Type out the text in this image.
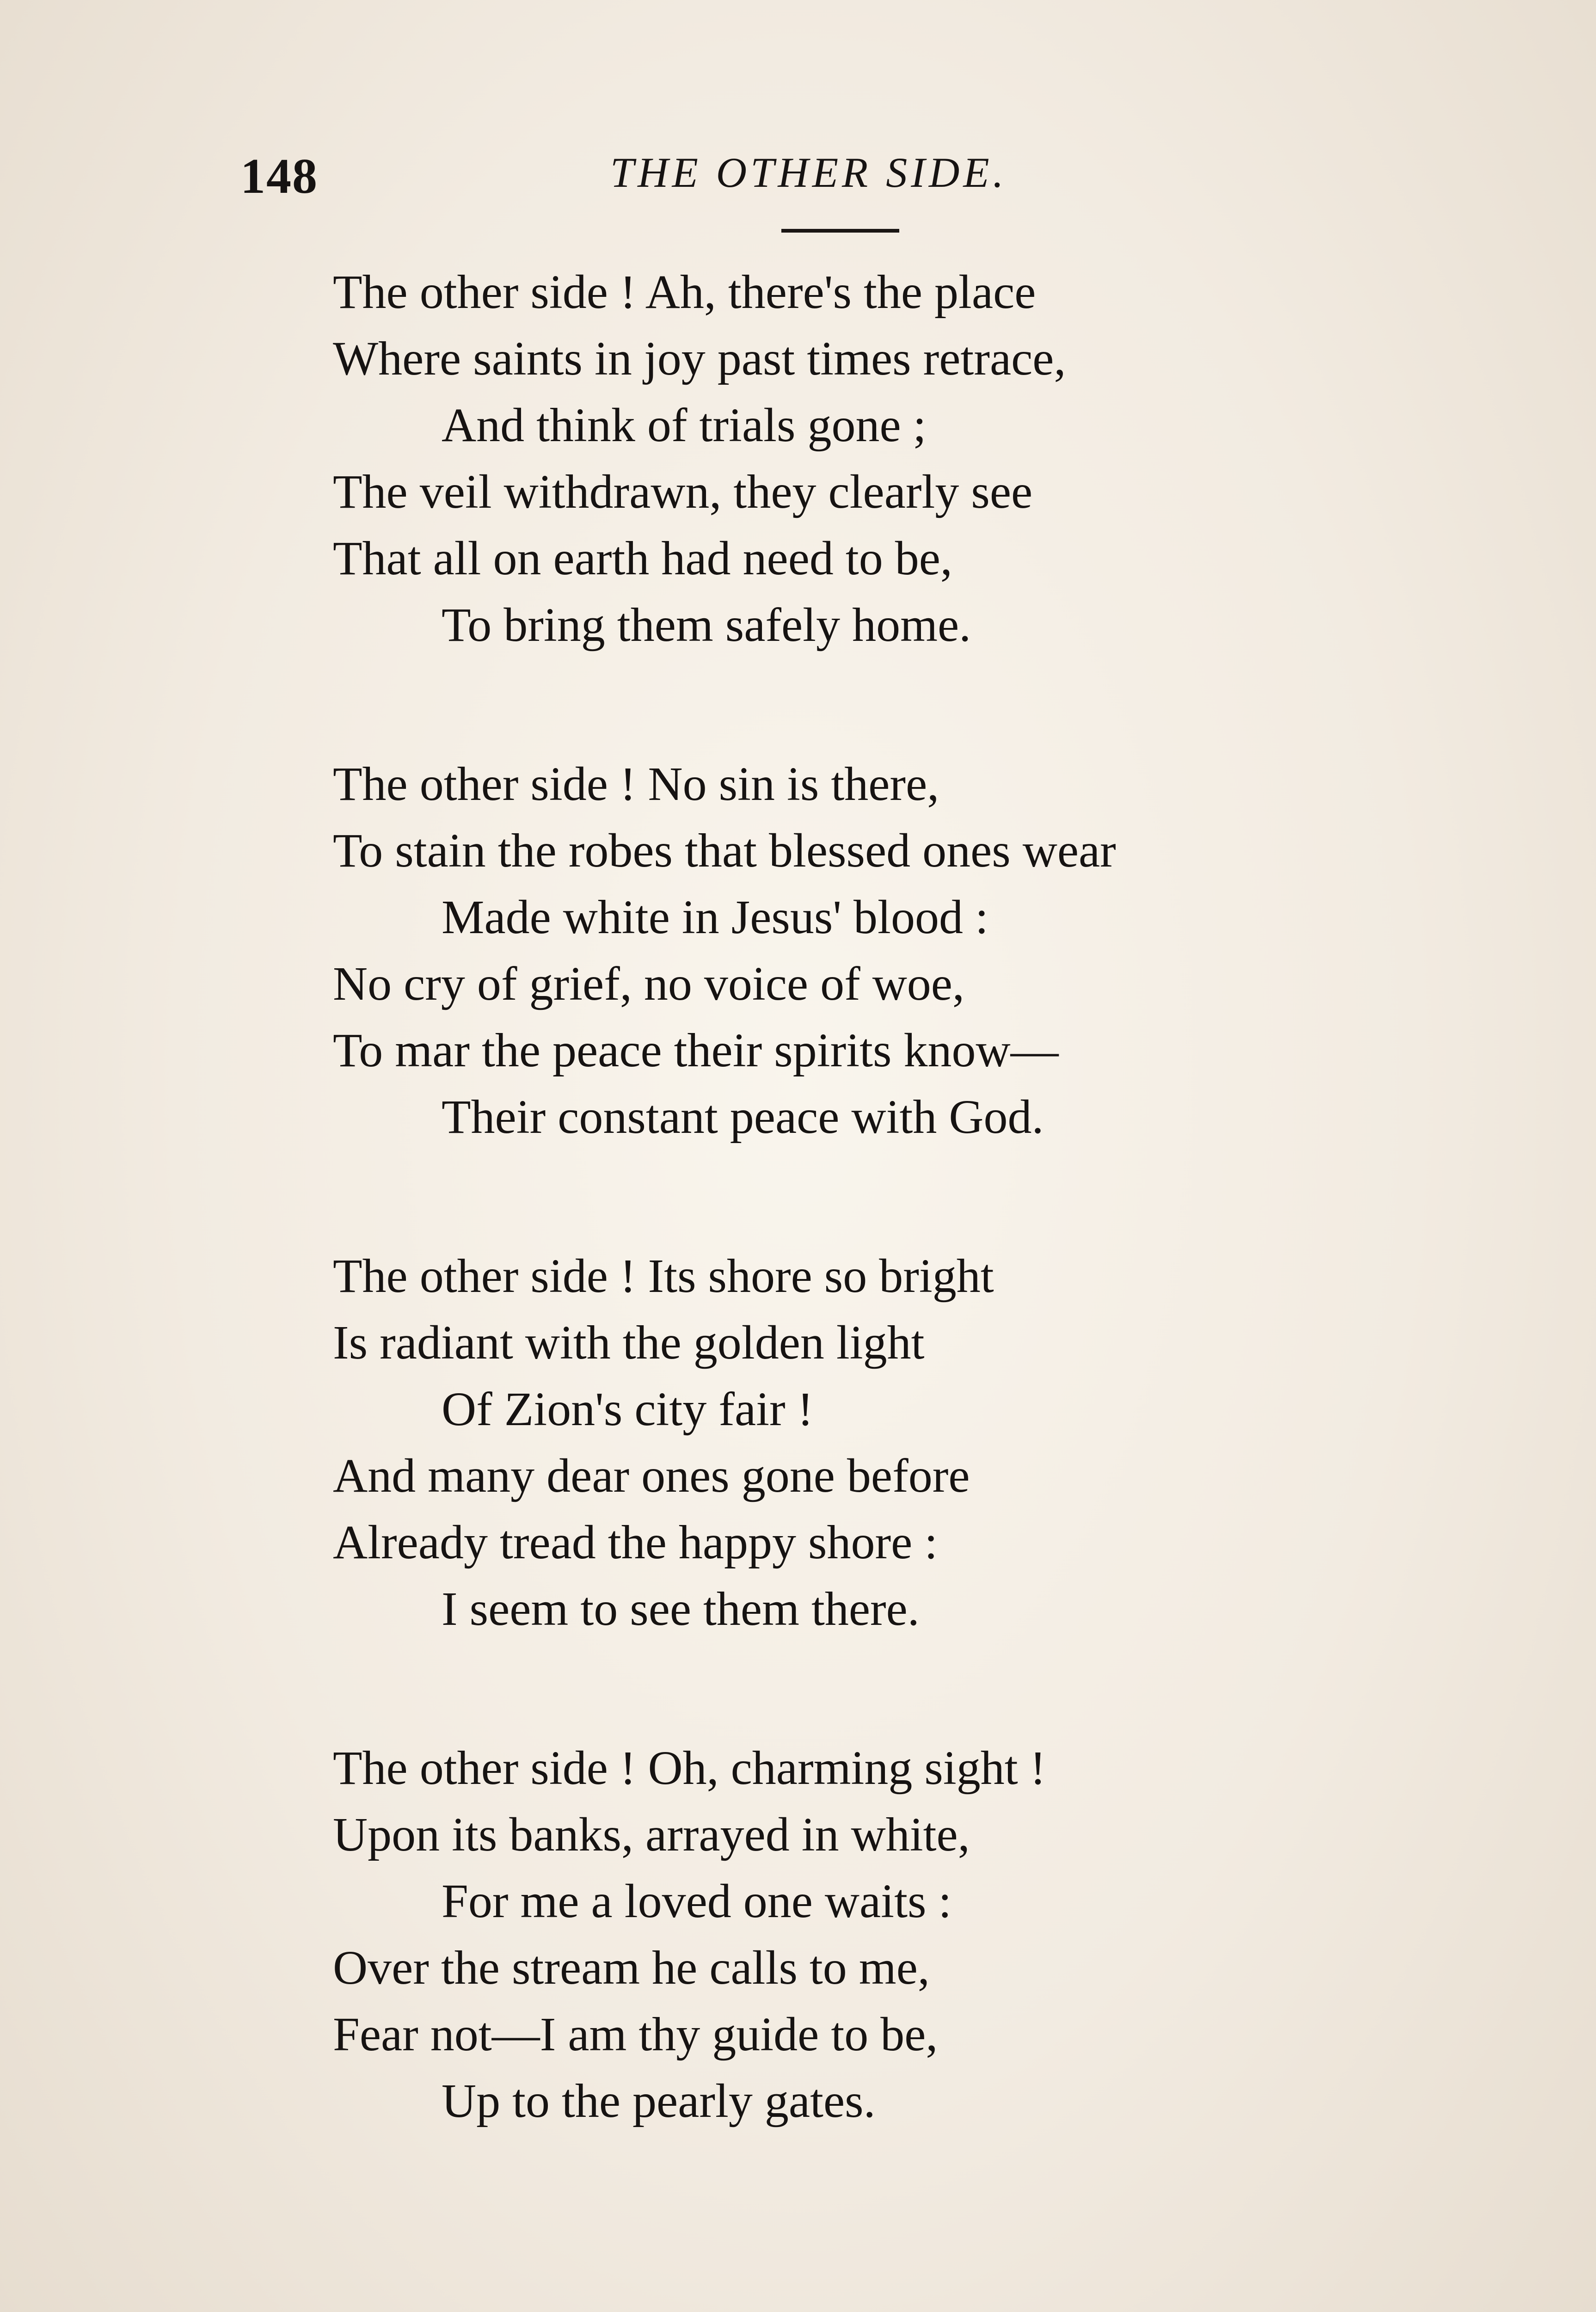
148	THE OTHER SIDE.
The other side ! Ah, there's the place
Where saints in joy past times retrace,
And think of trials gone ;
The veil withdrawn, they clearly see
That all on earth had need to be,
To bring them safely home.
The other side ! No sin is there,
To stain the robes that blessed ones wear
Made white in Jesus' blood :
No cry of grief, no voice of woe,
To mar the peace their spirits know—
Their constant peace with God.
The other side ! Its shore so bright
Is radiant with the golden light
Of Zion's city fair !
And many dear ones gone before
Already tread the happy shore :
I seem to see them there.
The other side ! Oh, charming sight !
Upon its banks, arrayed in white,
For me a loved one waits :
Over the stream he calls to me,
Fear not—I am thy guide to be,
Up to the pearly gates.
